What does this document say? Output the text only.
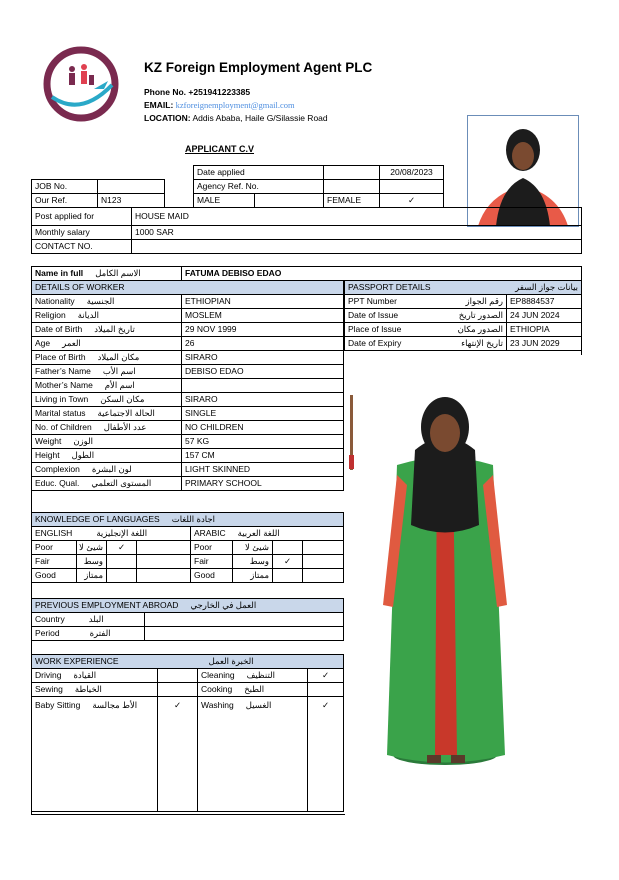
KZ Foreign Employment Agent PLC
Phone No. +251941223385
EMAIL: kzforeignemployment@gmail.com
LOCATION: Addis Ababa, Haile G/Silassie Road
APPLICANT C.V
			Date applied			20/08/2023
JOB No.			Agency Ref. No.			
Our Ref.	N123		MALE		FEMALE	✓
Post applied for	HOUSE MAID
Monthly salary	1000 SAR
CONTACT NO.	
Name in full الاسم الكامل	FATUMA DEBISO EDAO
DETAILS OF WORKER	
Nationality الجنسية	ETHIOPIAN
Religion الديانة	MOSLEM
Date of Birth تاريخ الميلاد	29 NOV 1999
Age العمر	26
Place of Birth مكان الميلاد	SIRARO
Father’s Name اسم الأب	DEBISO EDAO
Mother’s Name اسم الأم	
Living in Town مكان السكن	SIRARO
Marital status الحالة الاجتماعية	SINGLE
No. of Children عدد الأطفال	NO CHILDREN
Weight الوزن	57 KG
Height الطول	157 CM
Complexion لون البشرة	LIGHT SKINNED
Educ. Qual. المستوى التعلمي	PRIMARY SCHOOL
PASSPORT DETAILS بيانات جواز السفر	

PPT Number رقم الجواز	EP8884537
Date of Issue الصدور تاريخ	24 JUN 2024
Place of Issue الصدور مكان	ETHIOPIA
Date of Expiry تاريخ الإنتهاء	23 JUN 2029
KNOWLEDGE OF LANGUAGES اجادة اللغات							
ENGLISH اللغة الإنجليزية				ARABIC اللغة العربية			
Poor	شيئ لا	✓		Poor	شيئ لا		
Fair	وسط			Fair	وسط	✓	
Good	ممتاز			Good	ممتاز		
PREVIOUS EMPLOYMENT ABROAD العمل في الخارجي	
Country البلد	
Period الفترة	
WORK EXPERIENCE الخبرة العمل			
Driving القيادة		Cleaning التنظيف	✓
Sewing الخياطة		Cooking الطبخ	
Baby Sitting الأط مجالسة	✓	Washing الغسيل	✓
